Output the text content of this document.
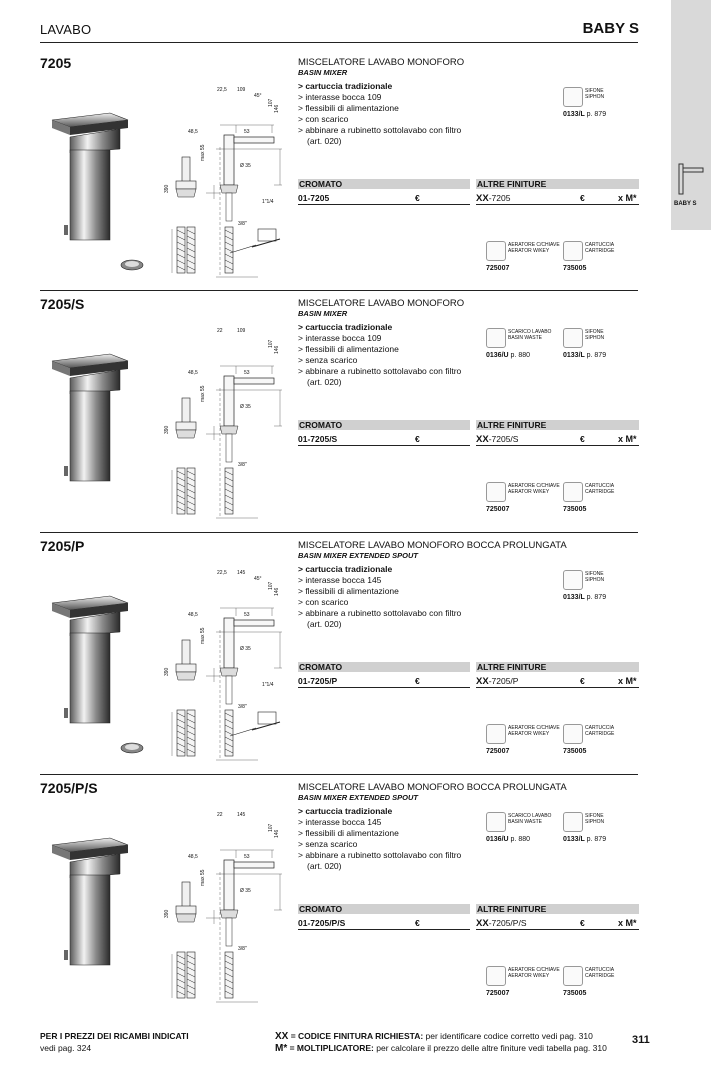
LAVABO	BABY S
BABY S
7205
22,5 109
48,5	53
Ø 35
1"1/4
3/8"
390
107
146
max 55
45°
MISCELATORE LAVABO MONOFORO
BASIN MIXER
> cartuccia tradizionale
> interasse bocca 109
> flessibili di alimentazione
> con scarico
> abbinare a rubinetto sottolavabo con filtro
(art. 020)
SIFONE
SIPHON
0133/L p. 879
CROMATO	ALTRE FINITURE
01-7205	€	XX-7205	€	x M*
AERATORE C/CHIAVE
AERATOR W/KEY
725007
CARTUCCIA
CARTRIDGE
735005
7205/S
22	109
48,5	53
Ø 35
3/8"
390
107
146
max 55
MISCELATORE LAVABO MONOFORO
BASIN MIXER
> cartuccia tradizionale
> interasse bocca 109
> flessibili di alimentazione
> senza scarico
> abbinare a rubinetto sottolavabo con filtro
(art. 020)
SCARICO LAVABO
BASIN WASTE
0136/U p. 880
SIFONE
SIPHON
0133/L p. 879
CROMATO	ALTRE FINITURE
01-7205/S	€	XX-7205/S	€	x M*
AERATORE C/CHIAVE
AERATOR W/KEY
725007
CARTUCCIA
CARTRIDGE
735005
7205/P
22,5 145
48,5	53
Ø 35
1"1/4
3/8"
390
107
146
max 55
45°
MISCELATORE LAVABO MONOFORO BOCCA PROLUNGATA
BASIN MIXER EXTENDED SPOUT
> cartuccia tradizionale
> interasse bocca 145
> flessibili di alimentazione
> con scarico
> abbinare a rubinetto sottolavabo con filtro
(art. 020)
SIFONE
SIPHON
0133/L p. 879
CROMATO	ALTRE FINITURE
01-7205/P	€	XX-7205/P	€	x M*
AERATORE C/CHIAVE
AERATOR W/KEY
725007
CARTUCCIA
CARTRIDGE
735005
7205/P/S
22	145
48,5	53
Ø 35
3/8"
390
107
146
max 55
MISCELATORE LAVABO MONOFORO BOCCA PROLUNGATA
BASIN MIXER EXTENDED SPOUT
> cartuccia tradizionale
> interasse bocca 145
> flessibili di alimentazione
> senza scarico
> abbinare a rubinetto sottolavabo con filtro
(art. 020)
SCARICO LAVABO
BASIN WASTE
0136/U p. 880
SIFONE
SIPHON
0133/L p. 879
CROMATO	ALTRE FINITURE
01-7205/P/S	€	XX-7205/P/S	€	x M*
AERATORE C/CHIAVE
AERATOR W/KEY
725007
CARTUCCIA
CARTRIDGE
735005
PER I PREZZI DEI RICAMBI INDICATI
vedi pag. 324
XX = CODICE FINITURA RICHIESTA: per identificare codice corretto vedi pag. 310
M* = MOLTIPLICATORE: per calcolare il prezzo delle altre finiture vedi tabella pag. 310
311
